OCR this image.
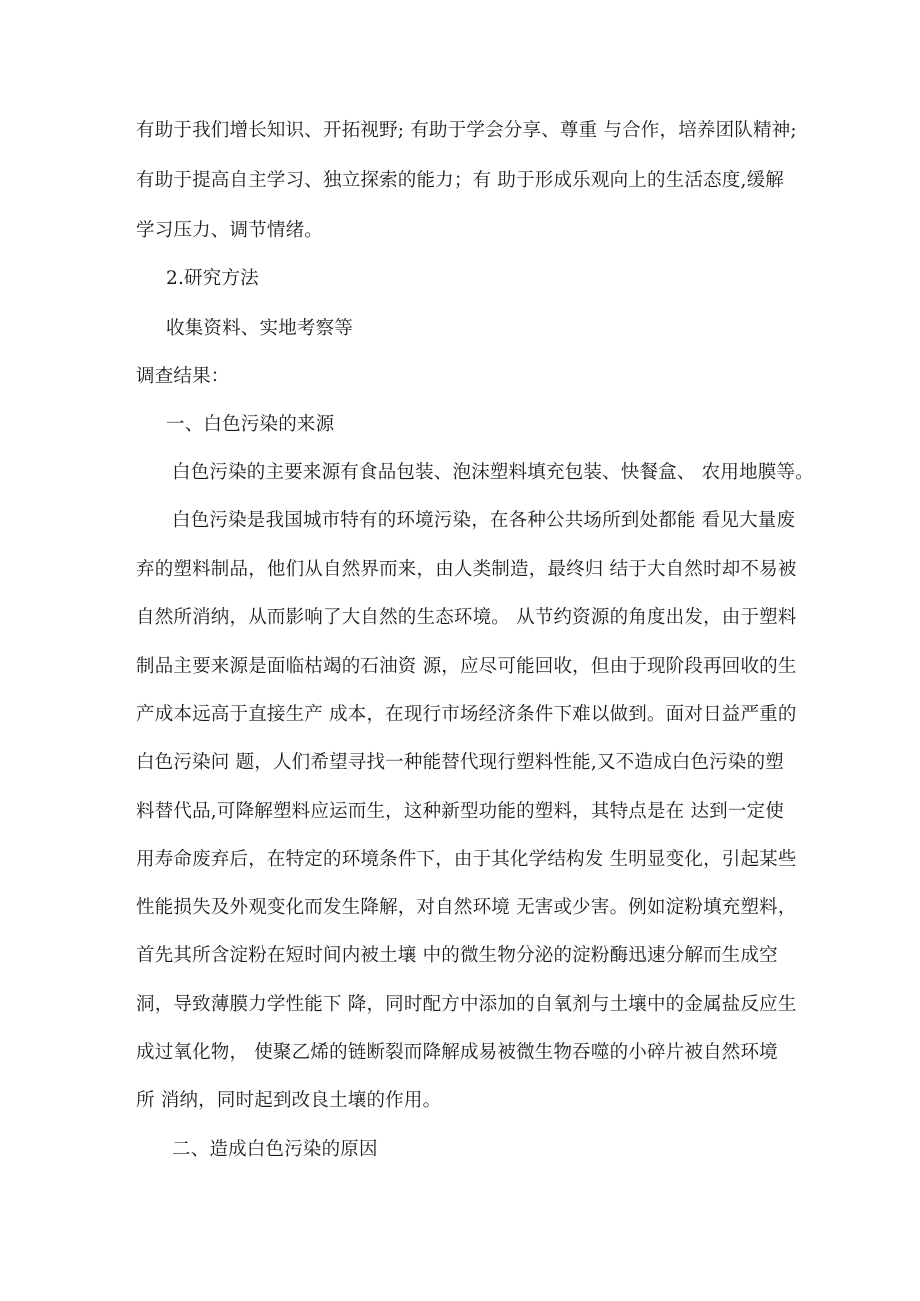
有助于我们增长知识、开拓视野; 有助于学会分享、尊重 与合作，培养团队精神;
有助于提高自主学习、独立探索的能力；有 助于形成乐观向上的生活态度,缓解
学习压力、调节情绪。
2.研究方法
收集资料、实地考察等
调查结果：
一、白色污染的来源
白色污染的主要来源有食品包装、泡沫塑料填充包装、快餐盒、 农用地膜等。
白色污染是我国城市特有的环境污染，在各种公共场所到处都能 看见大量废
弃的塑料制品，他们从自然界而来，由人类制造，最终归 结于大自然时却不易被
自然所消纳，从而影响了大自然的生态环境。 从节约资源的角度出发，由于塑料
制品主要来源是面临枯竭的石油资 源，应尽可能回收，但由于现阶段再回收的生
产成本远高于直接生产 成本，在现行市场经济条件下难以做到。面对日益严重的
白色污染问 题，人们希望寻找一种能替代现行塑料性能,又不造成白色污染的塑
料替代品,可降解塑料应运而生，这种新型功能的塑料，其特点是在 达到一定使
用寿命废弃后，在特定的环境条件下，由于其化学结构发 生明显变化，引起某些
性能损失及外观变化而发生降解，对自然环境 无害或少害。例如淀粉填充塑料，
首先其所含淀粉在短时间内被土壤 中的微生物分泌的淀粉酶迅速分解而生成空
洞，导致薄膜力学性能下 降，同时配方中添加的自氧剂与土壤中的金属盐反应生
成过氧化物， 使聚乙烯的链断裂而降解成易被微生物吞噬的小碎片被自然环境
所 消纳，同时起到改良土壤的作用。
二、造成白色污染的原因
